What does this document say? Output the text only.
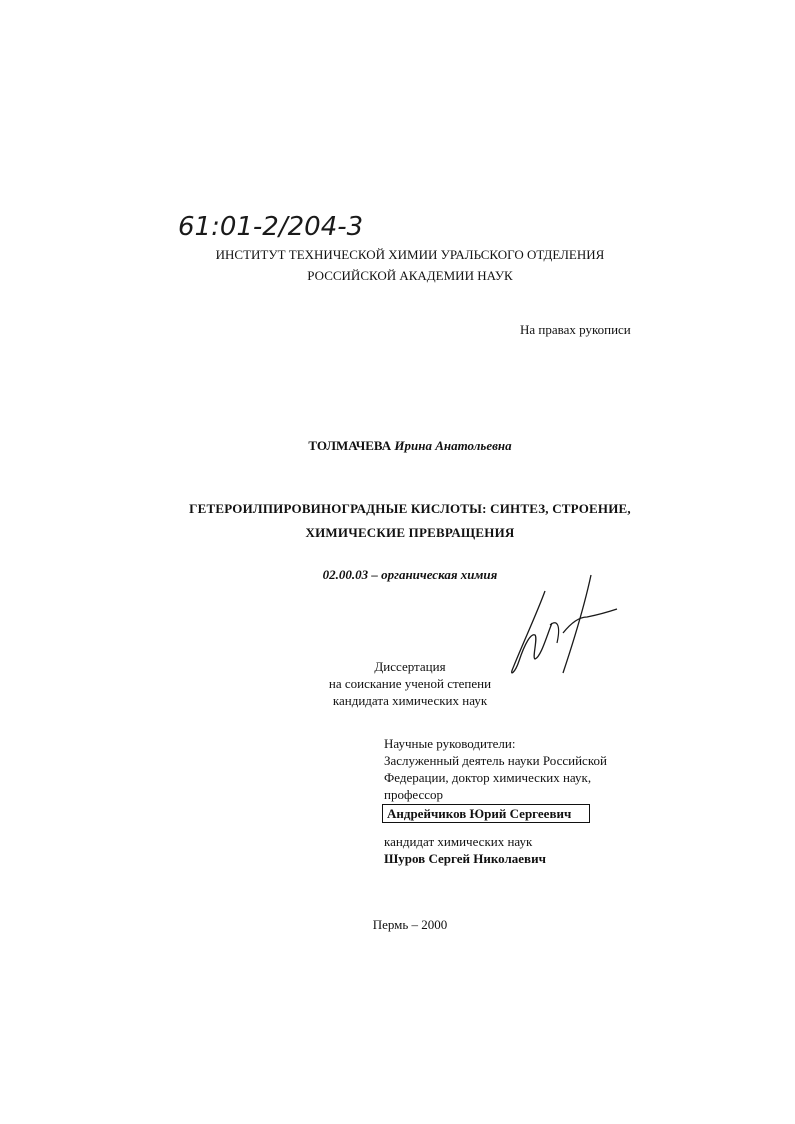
61:01-2/204-3
ИНСТИТУТ ТЕХНИЧЕСКОЙ ХИМИИ УРАЛЬСКОГО ОТДЕЛЕНИЯ
РОССИЙСКОЙ АКАДЕМИИ НАУК
На правах рукописи
ТОЛМАЧЕВА Ирина Анатольевна
ГЕТЕРОИЛПИРОВИНОГРАДНЫЕ КИСЛОТЫ: СИНТЕЗ, СТРОЕНИЕ,
ХИМИЧЕСКИЕ ПРЕВРАЩЕНИЯ
02.00.03 – органическая химия
Диссертация
на соискание ученой степени
кандидата химических наук
Научные руководители:
Заслуженный деятель науки Российской
Федерации, доктор химических наук,
профессор
Андрейчиков Юрий Сергеевич
кандидат химических наук
Шуров Сергей Николаевич
Пермь – 2000
